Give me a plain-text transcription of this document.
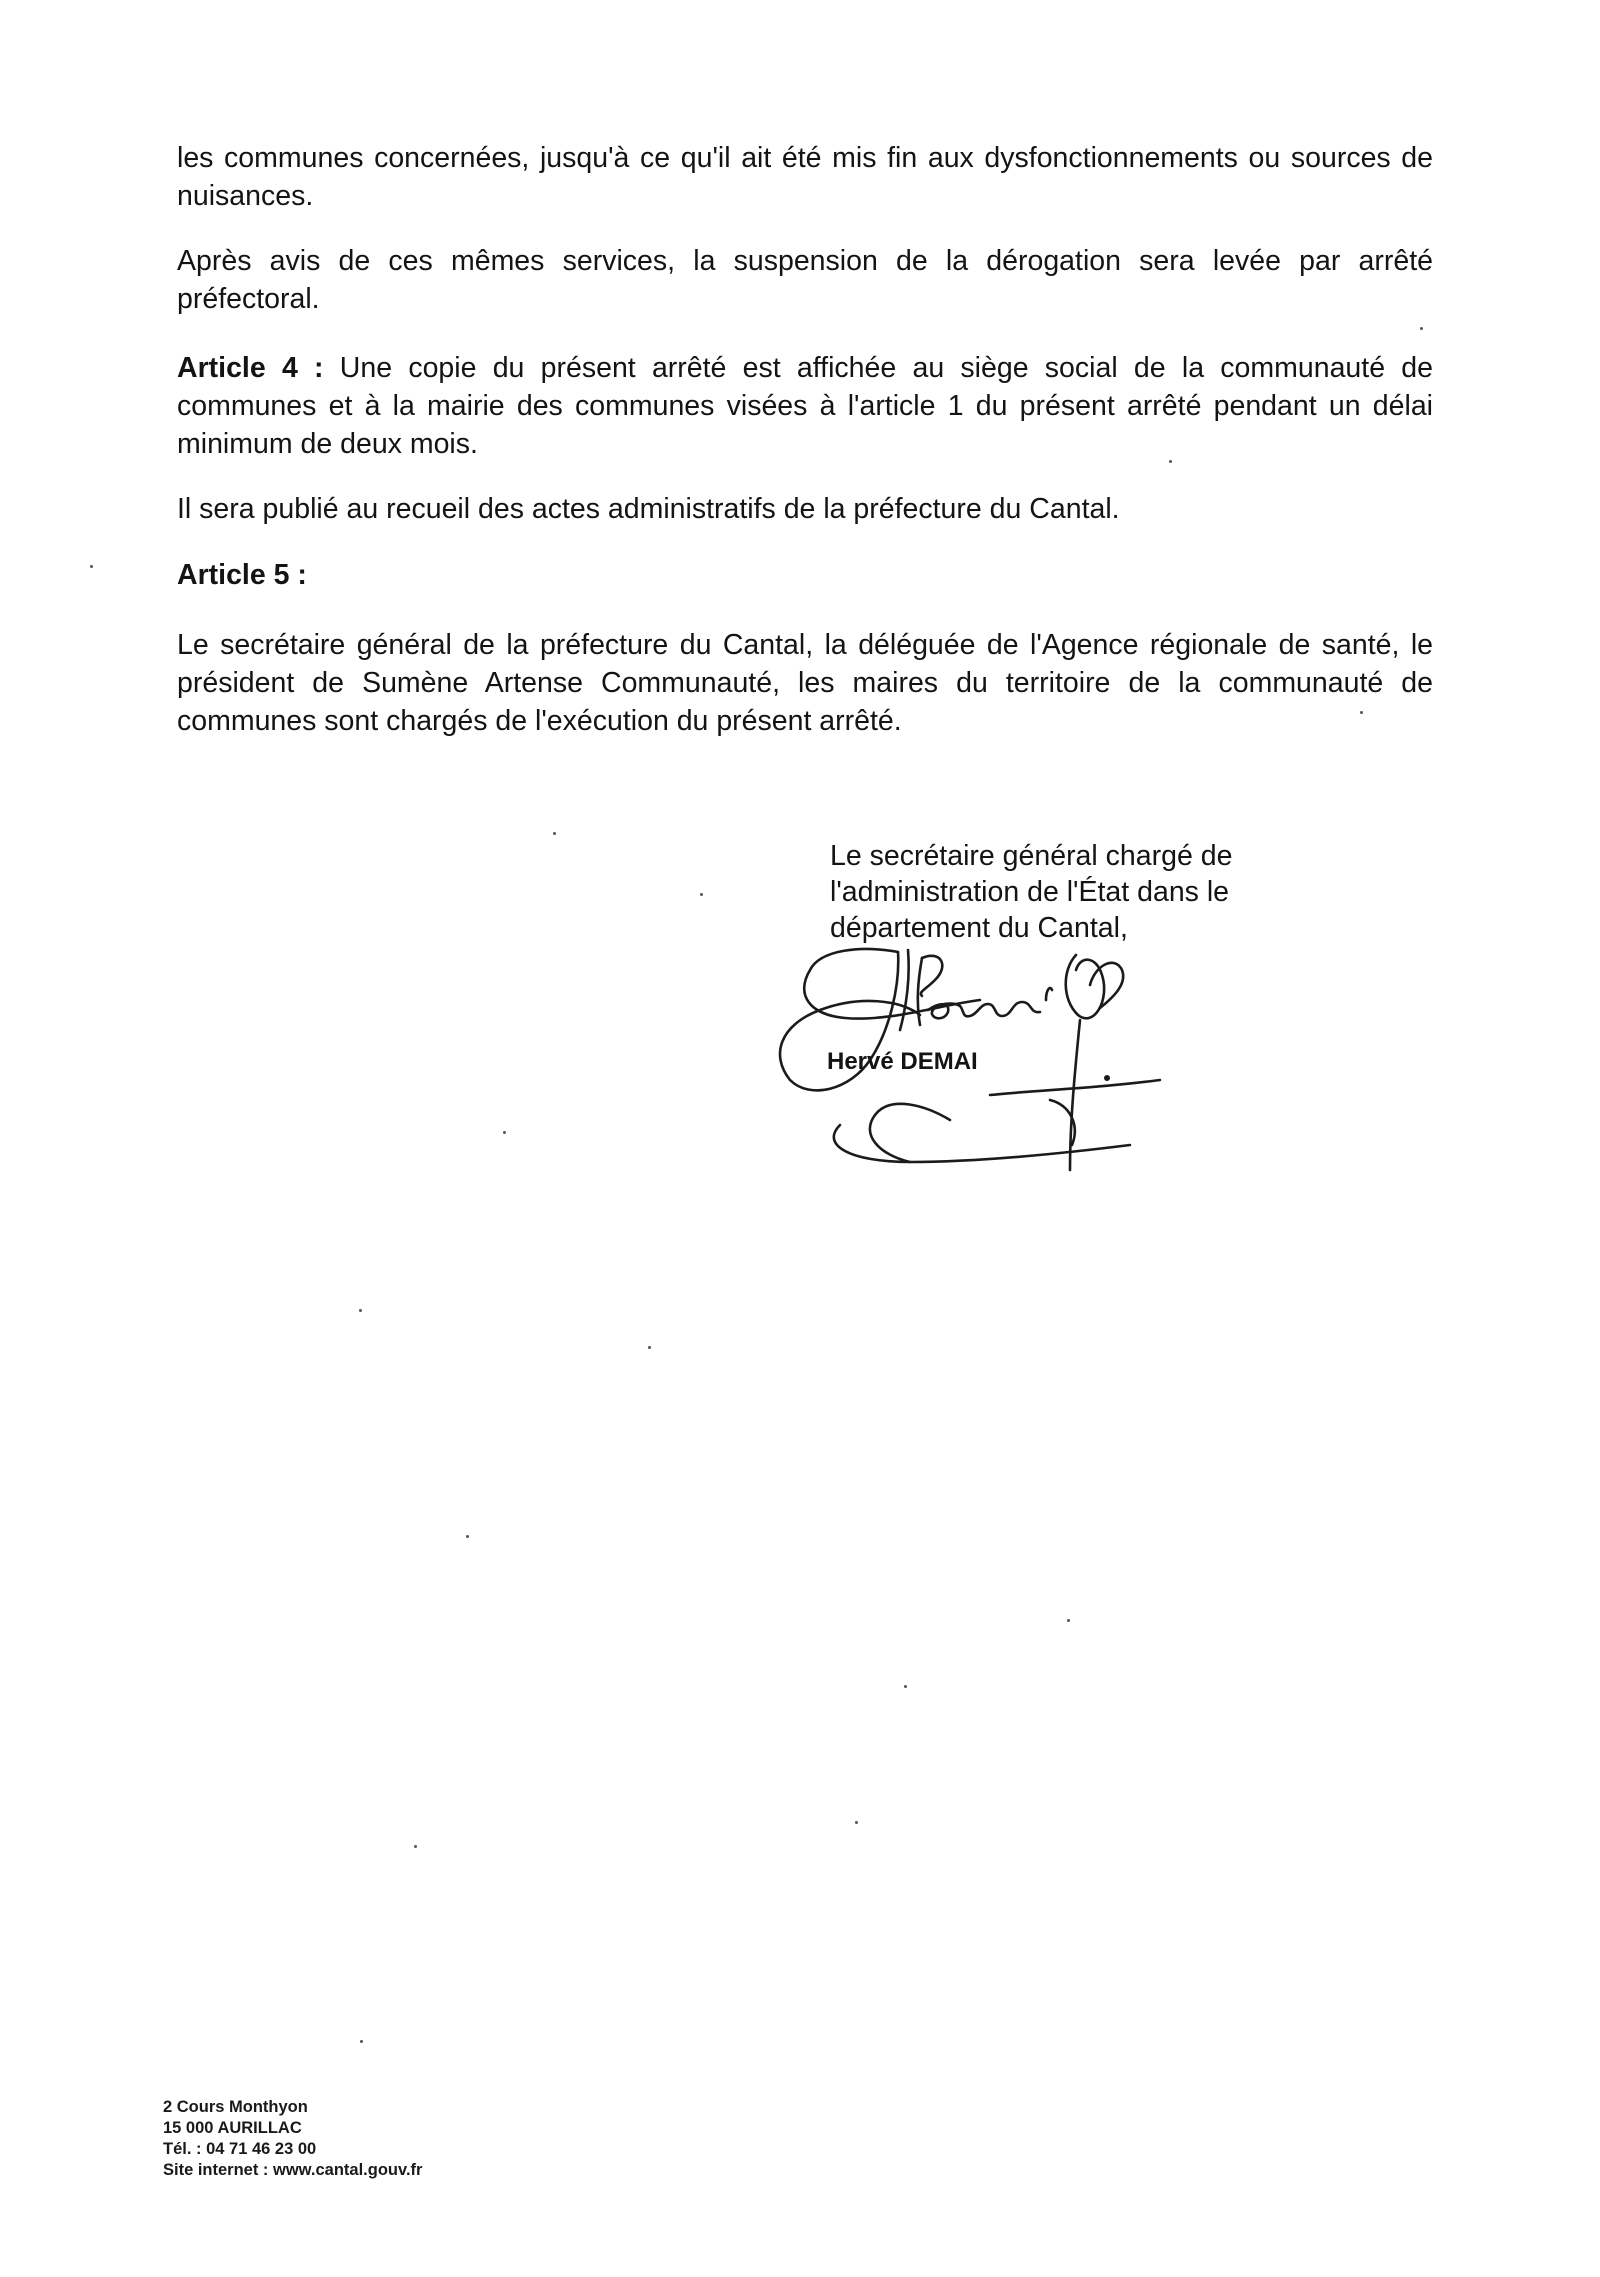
les communes concernées, jusqu'à ce qu'il ait été mis fin aux dysfonctionnements ou sources de nuisances.

Après avis de ces mêmes services, la suspension de la dérogation sera levée par arrêté préfectoral.

Article 4 : Une copie du présent arrêté est affichée au siège social de la communauté de communes et à la mairie des communes visées à l'article 1 du présent arrêté pendant un délai minimum de deux mois.

Il sera publié au recueil des actes administratifs de la préfecture du Cantal.

Article 5 :

Le secrétaire général de la préfecture du Cantal, la déléguée de l'Agence régionale de santé, le président de Sumène Artense Communauté, les maires du territoire de la communauté de communes sont chargés de l'exécution du présent arrêté.

Le secrétaire général chargé de
l'administration de l'État dans le
département du Cantal,
Hervé DEMAI
2 Cours Monthyon
15 000 AURILLAC
Tél. : 04 71 46 23 00
Site internet : www.cantal.gouv.fr
